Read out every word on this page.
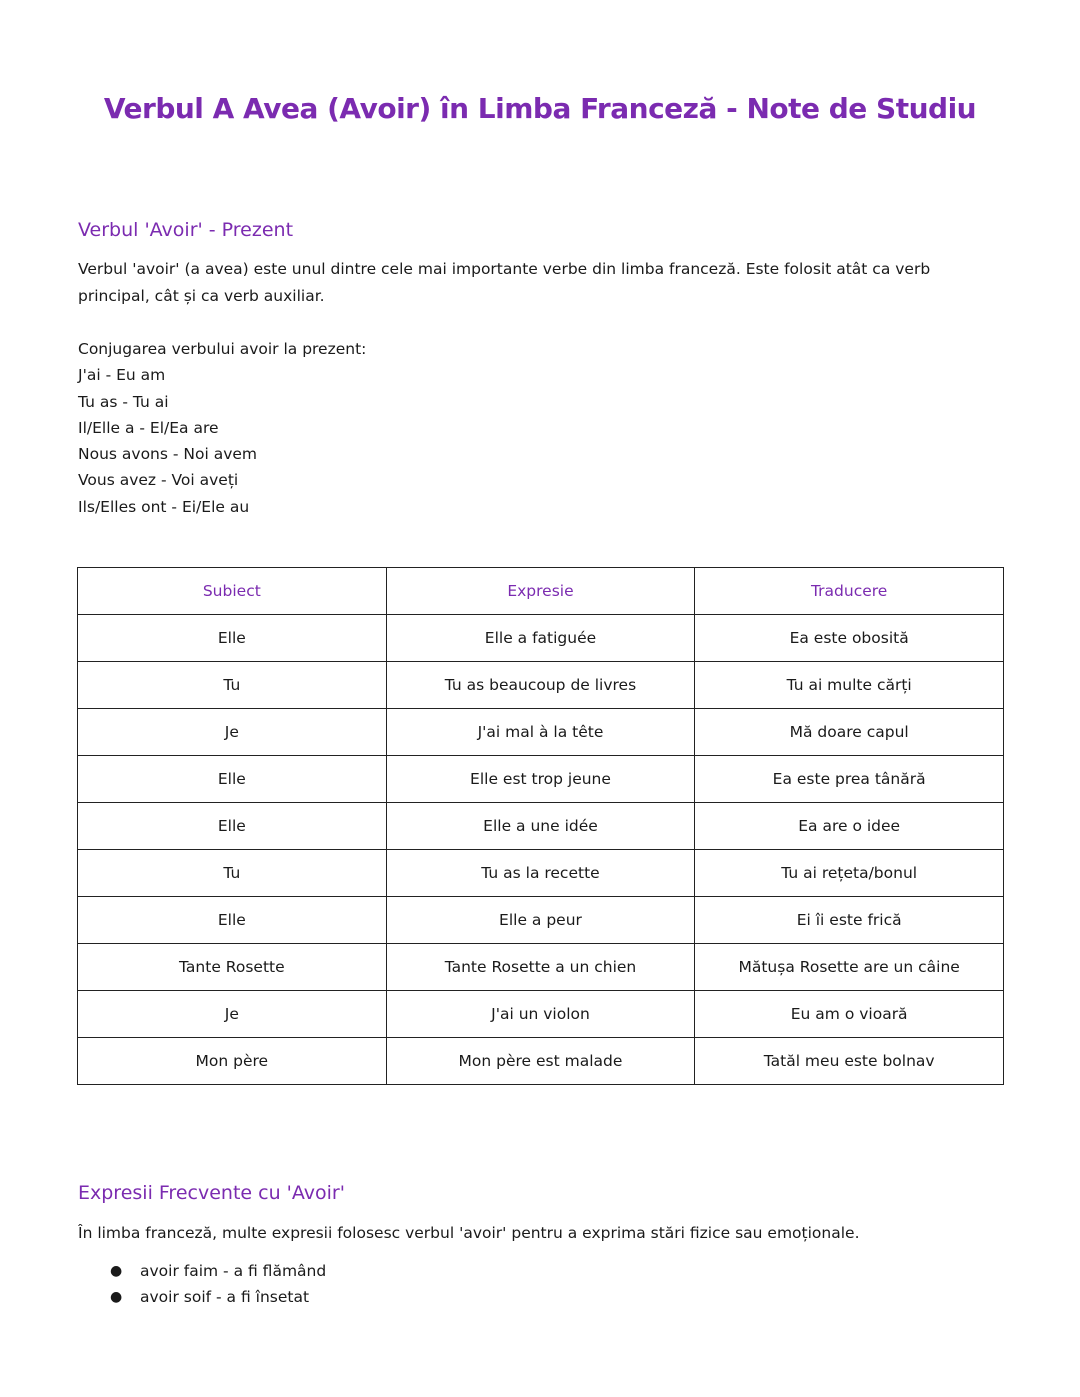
Verbul A Avea (Avoir) în Limba Franceză - Note de Studiu
Verbul 'Avoir' - Prezent
Verbul 'avoir' (a avea) este unul dintre cele mai importante verbe din limba franceză. Este folosit atât ca verb principal, cât și ca verb auxiliar.
Conjugarea verbului avoir la prezent:
J'ai - Eu am
Tu as - Tu ai
Il/Elle a - El/Ea are
Nous avons - Noi avem
Vous avez - Voi aveți
Ils/Elles ont - Ei/Ele au
Subiect	Expresie	Traducere
Elle	Elle a fatiguée	Ea este obosită
Tu	Tu as beaucoup de livres	Tu ai multe cărți
Je	J'ai mal à la tête	Mă doare capul
Elle	Elle est trop jeune	Ea este prea tânără
Elle	Elle a une idée	Ea are o idee
Tu	Tu as la recette	Tu ai rețeta/bonul
Elle	Elle a peur	Ei îi este frică
Tante Rosette	Tante Rosette a un chien	Mătușa Rosette are un câine
Je	J'ai un violon	Eu am o vioară
Mon père	Mon père est malade	Tatăl meu este bolnav
Expresii Frecvente cu 'Avoir'
În limba franceză, multe expresii folosesc verbul 'avoir' pentru a exprima stări fizice sau emoționale.
● avoir faim - a fi flămând
● avoir soif - a fi însetat
